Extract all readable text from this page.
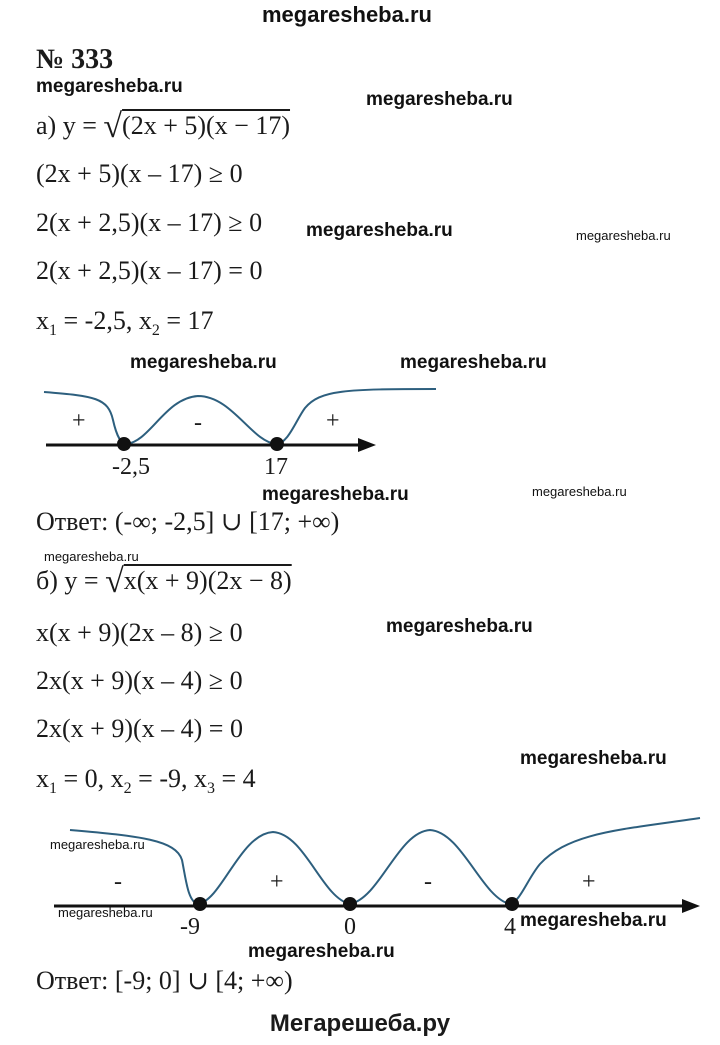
megaresheba.ru
№ 333
megaresheba.ru
megaresheba.ru
megaresheba.ru	megaresheba.ru
megaresheba.ru	megaresheba.ru
megaresheba.ru	megaresheba.ru
megaresheba.ru
megaresheba.ru
megaresheba.ru
megaresheba.ru
megaresheba.ru	megaresheba.ru
megaresheba.ru
а) y = √(2x + 5)(x − 17)
(2x + 5)(x – 17) ≥ 0
2(x + 2,5)(x – 17) ≥ 0
2(x + 2,5)(x – 17) = 0
$x_1 = -2,5$, $x_2 = 17$
+	-	+
-2,5	17
Ответ: (-∞; -2,5] ∪ [17; +∞)
б) y = √x(x + 9)(2x − 8)
x(x + 9)(2x – 8) ≥ 0
2x(x + 9)(x – 4) ≥ 0
2x(x + 9)(x – 4) = 0
$x_1 = 0$, $x_2 = -9$, $x_3 = 4$
-	+	-	+
-9	0	4
Ответ: [-9; 0] ∪ [4; +∞)
Мегарешеба.ру
